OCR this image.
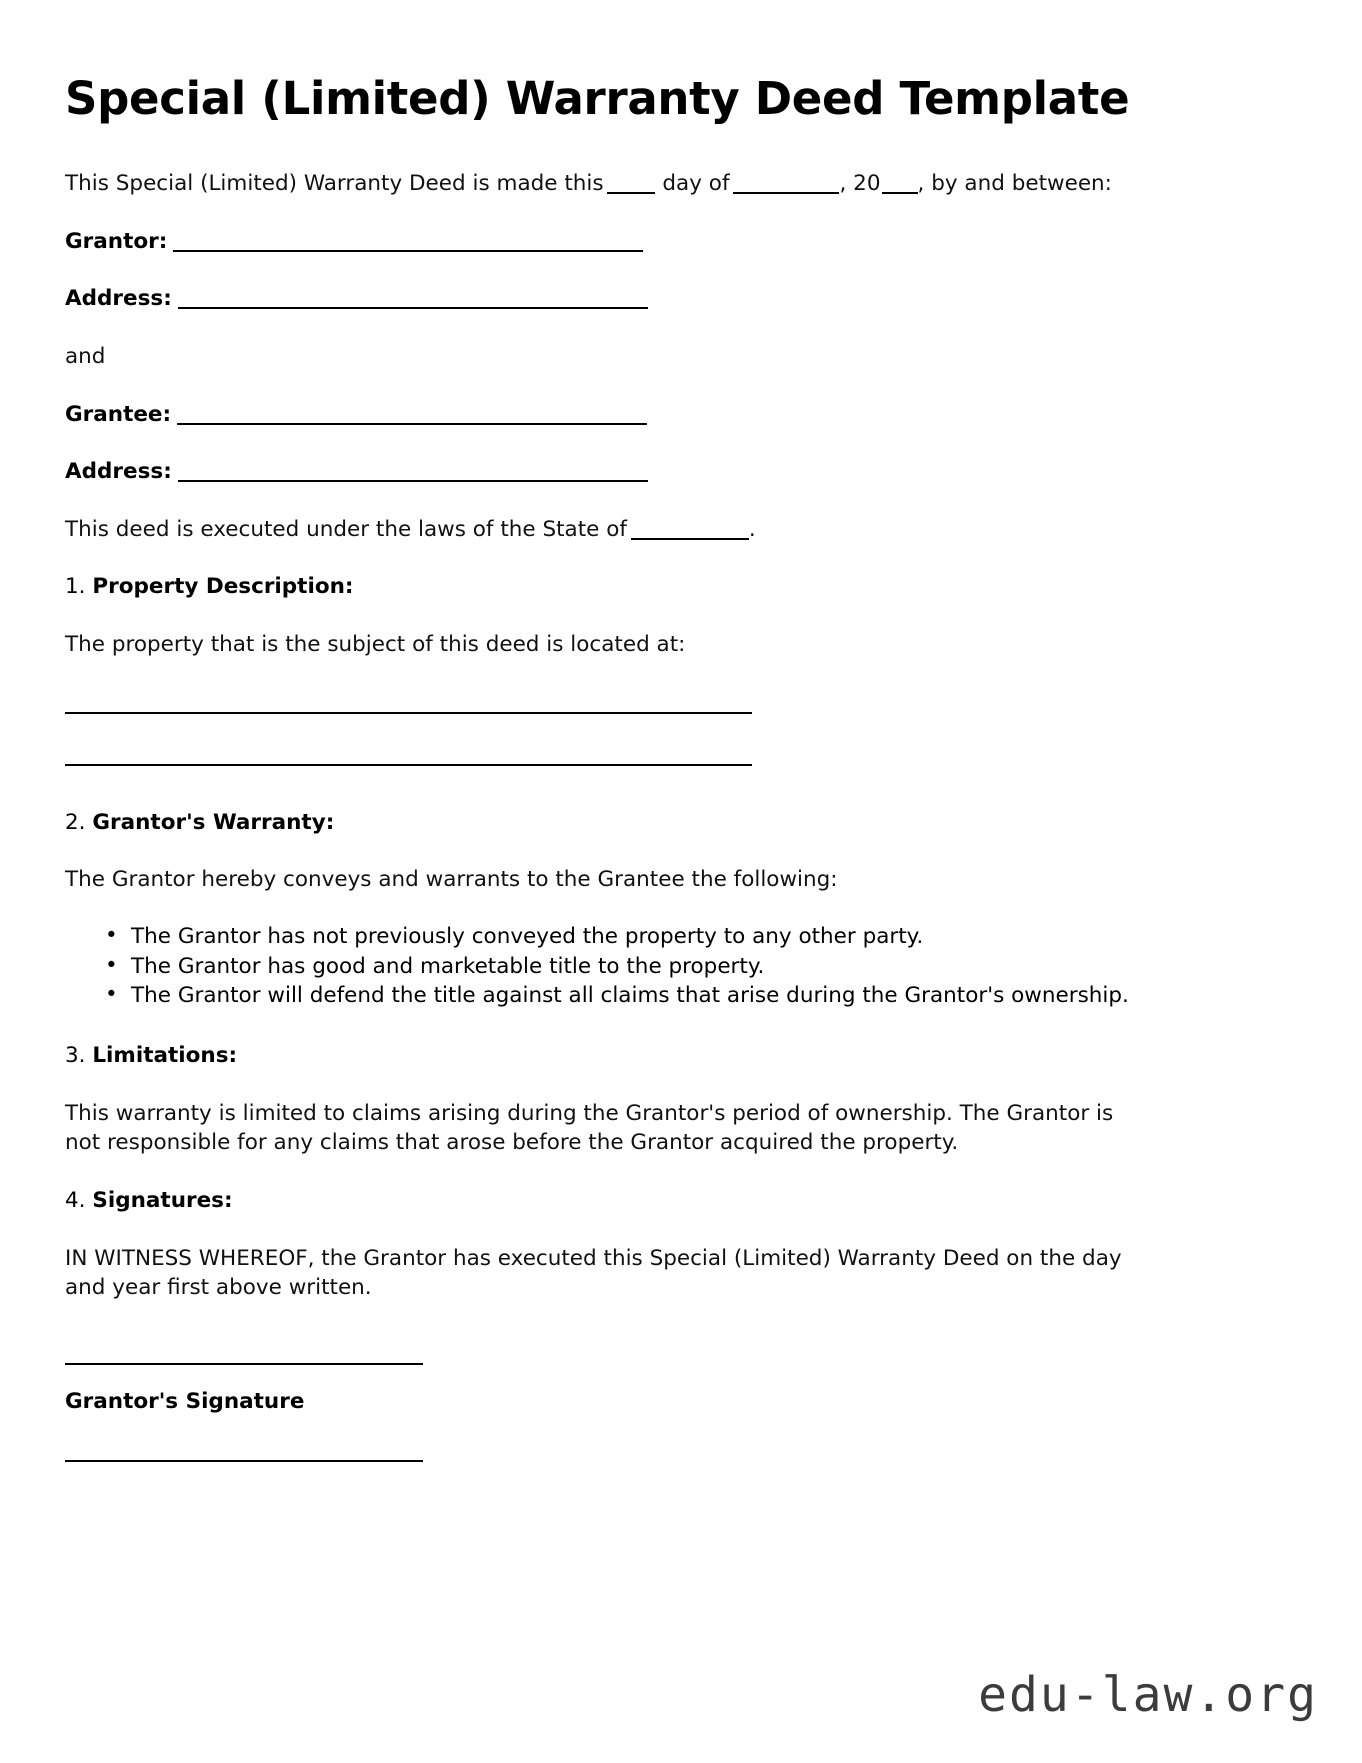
Special (Limited) Warranty Deed Template

This Special (Limited) Warranty Deed is made this	day of	, 20 , by and between:

Grantor:
Address:

and

Grantee:
Address:

This deed is executed under the laws of the State of	.

1. Property Description:

The property that is the subject of this deed is located at:

2. Grantor's Warranty:

The Grantor hereby conveys and warrants to the Grantee the following:

• The Grantor has not previously conveyed the property to any other party.
• The Grantor has good and marketable title to the property.
• The Grantor will defend the title against all claims that arise during the Grantor's ownership.
3. Limitations:

This warranty is limited to claims arising during the Grantor's period of ownership. The Grantor is not responsible for any claims that arose before the Grantor acquired the property.

4. Signatures:

IN WITNESS WHEREOF, the Grantor has executed this Special (Limited) Warranty Deed on the day and year first above written.

Grantor's Signature
edu-law.org
